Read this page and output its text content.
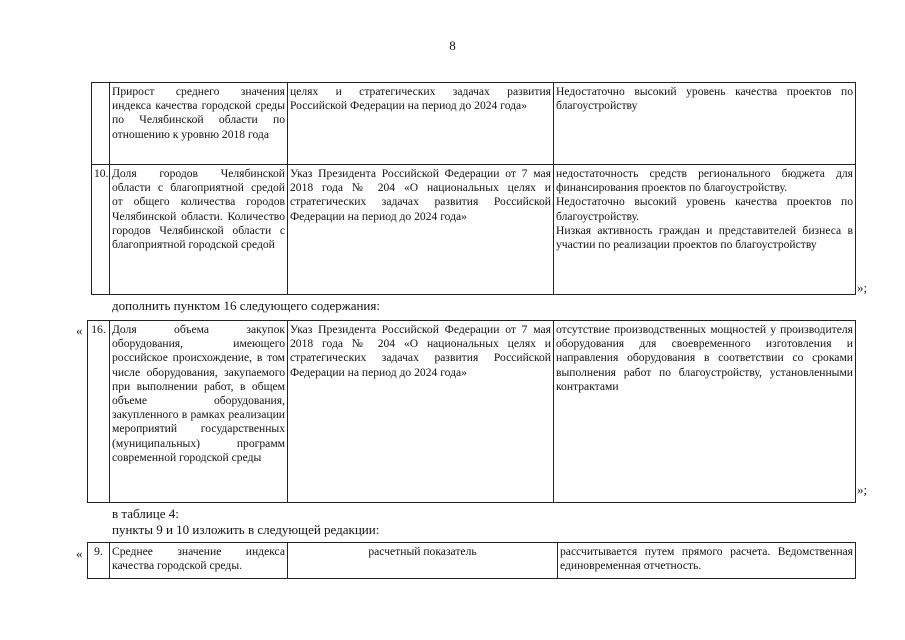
8
	Прирост среднего значения индекса качества городской среды по Челябинской области по отношению к уровню 2018 года	целях и стратегических задачах развития Российской Федерации на период до 2024 года»	Недостаточно высокий уровень качества проектов по благоустройству

10.	Доля городов Челябинской области с благоприятной средой от общего количества городов Челябинской области. Количество городов Челябинской области с благоприятной городской средой	Указ Президента Российской Федерации от 7 мая 2018 года № 204 «О национальных целях и стратегических задачах развития Российской Федерации на период до 2024 года»	недостаточность средств регионального бюджета для финансирования проектов по благоустройству.
Недостаточно высокий уровень качества проектов по благоустройству.
Низкая активность граждан и представителей бизнеса в участии по реализации проектов по благоустройству
»;
дополнить пунктом 16 следующего содержания:
« 16.	Доля объема закупок оборудования, имеющего российское происхождение, в том числе оборудования, закупаемого при выполнении работ, в общем объеме оборудования, закупленного в рамках реализации мероприятий государственных (муниципальных) программ современной городской среды	Указ Президента Российской Федерации от 7 мая 2018 года № 204 «О национальных целях и стратегических задачах развития Российской Федерации на период до 2024 года»	отсутствие производственных мощностей у производителя оборудования для своевременного изготовления и направления оборудования в соответствии со сроками выполнения работ по благоустройству, установленными контрактами
»;
в таблице 4:
пункты 9 и 10 изложить в следующей редакции:
« 9.	Среднее значение индекса качества городской среды.	расчетный показатель	рассчитывается путем прямого расчета. Ведомственная единовременная отчетность.
